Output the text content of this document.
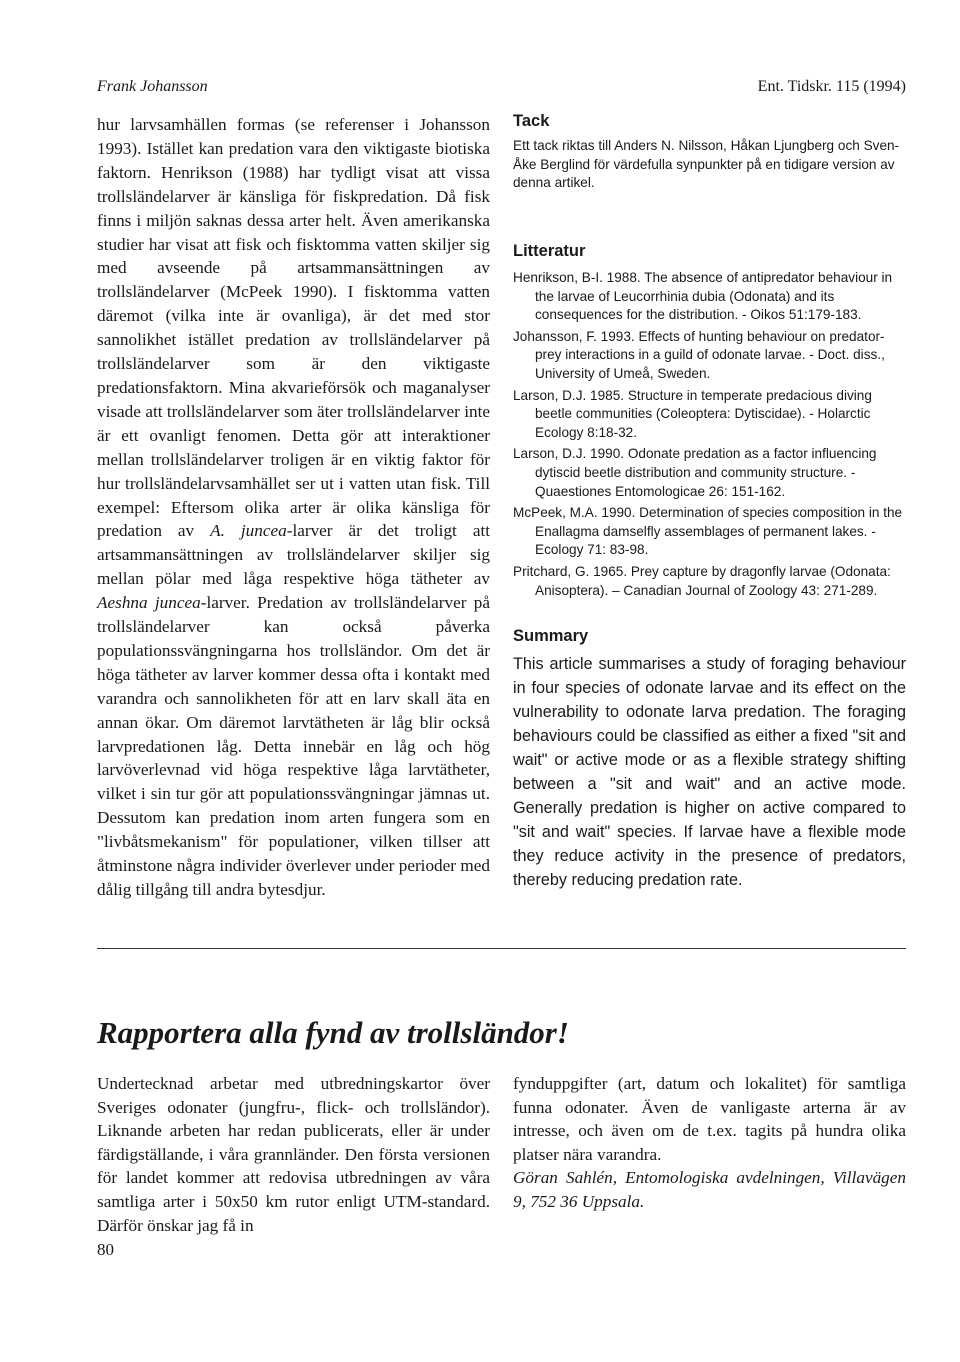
Frank Johansson	Ent. Tidskr. 115 (1994)

hur larvsamhällen formas (se referenser i Johansson 1993). Istället kan predation vara den viktigaste biotiska faktorn. Henrikson (1988) har tydligt visat att vissa trollsländelarver är känsliga för fiskpredation. Då fisk finns i miljön saknas dessa arter helt. Även amerikanska studier har visat att fisk och fisktomma vatten skiljer sig med avseende på artsammansättningen av trollsländelarver (McPeek 1990). I fisktomma vatten däremot (vilka inte är ovanliga), är det med stor sannolikhet istället predation av trollsländelarver på trollsländelarver som är den viktigaste predationsfaktorn. Mina akvarieförsök och maganalyser visade att trollsländelarver som äter trollsländelarver inte är ett ovanligt fenomen. Detta gör att interaktioner mellan trollsländelarver troligen är en viktig faktor för hur trollsländelarvsamhället ser ut i vatten utan fisk. Till exempel: Eftersom olika arter är olika känsliga för predation av A. juncea-larver är det troligt att artsammansättningen av trollsländelarver skiljer sig mellan pölar med låga respektive höga tätheter av Aeshna juncea-larver. Predation av trollsländelarver på trollsländelarver kan också påverka populationssvängningarna hos trollsländor. Om det är höga tätheter av larver kommer dessa ofta i kontakt med varandra och sannolikheten för att en larv skall äta en annan ökar. Om däremot larvtätheten är låg blir också larvpredationen låg. Detta innebär en låg och hög larvöverlevnad vid höga respektive låga larvtätheter, vilket i sin tur gör att populationssvängningar jämnas ut. Dessutom kan predation inom arten fungera som en "livbåtsmekanism" för populationer, vilken tillser att åtminstone några individer överlever under perioder med dålig tillgång till andra bytesdjur.

Tack
Ett tack riktas till Anders N. Nilsson, Håkan Ljungberg och Sven-Åke Berglind för värdefulla synpunkter på en tidigare version av denna artikel.
Litteratur

Henrikson, B-I. 1988. The absence of antipredator behaviour in the larvae of Leucorrhinia dubia (Odonata) and its consequences for the distribution. - Oikos 51:179-183.

Johansson, F. 1993. Effects of hunting behaviour on predator-prey interactions in a guild of odonate larvae. - Doct. diss., University of Umeå, Sweden.

Larson, D.J. 1985. Structure in temperate predacious diving beetle communities (Coleoptera: Dytiscidae). - Holarctic Ecology 8:18-32.

Larson, D.J. 1990. Odonate predation as a factor influencing dytiscid beetle distribution and community structure. - Quaestiones Entomologicae 26: 151-162.

McPeek, M.A. 1990. Determination of species composition in the Enallagma damselfly assemblages of permanent lakes. - Ecology 71: 83-98.

Pritchard, G. 1965. Prey capture by dragonfly larvae (Odonata: Anisoptera). – Canadian Journal of Zoology 43: 271-289.

Summary

This article summarises a study of foraging behaviour in four species of odonate larvae and its effect on the vulnerability to odonate larva predation. The foraging behaviours could be classified as either a fixed "sit and wait" or active mode or as a flexible strategy shifting between a "sit and wait" and an active mode. Generally predation is higher on active compared to "sit and wait" species. If larvae have a flexible mode they reduce activity in the presence of predators, thereby reducing predation rate.

Rapportera alla fynd av trollsländor!

Undertecknad arbetar med utbredningskartor över Sveriges odonater (jungfru-, flick- och trollsländor). Liknande arbeten har redan publicerats, eller är under färdigställande, i våra grannländer. Den första versionen för landet kommer att redovisa utbredningen av våra samtliga arter i 50x50 km rutor enligt UTM-standard. Därför önskar jag få in

fynduppgifter (art, datum och lokalitet) för samtliga funna odonater. Även de vanligaste arterna är av intresse, och även om de t.ex. tagits på hundra olika platser nära varandra.

Göran Sahlén, Entomologiska avdelningen, Villavägen 9, 752 36 Uppsala.

80
